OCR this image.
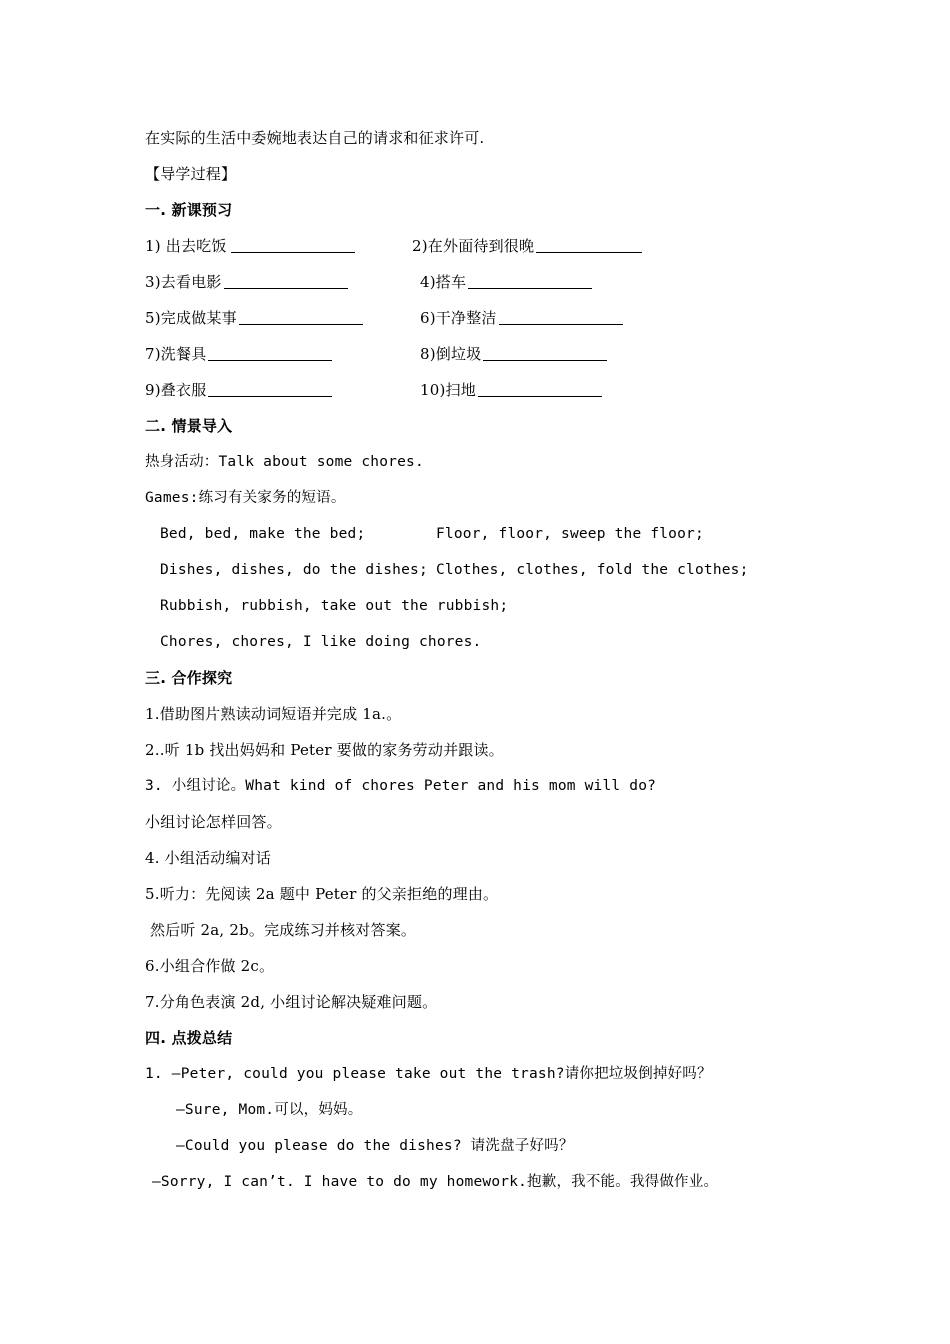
在实际的生活中委婉地表达自己的请求和征求许可.
【导学过程】
一. 新课预习
1) 出去吃饭	2)在外面待到很晚
3)去看电影	4)搭车
5)完成做某事	6)干净整洁
7)洗餐具	8)倒垃圾
9)叠衣服	10)扫地
二. 情景导入
热身活动：Talk about some chores.
Games:练习有关家务的短语。
Bed, bed, make the bed;	Floor, floor, sweep the floor;
Dishes, dishes, do the dishes; Clothes, clothes, fold the clothes;
Rubbish, rubbish, take out the rubbish;
Chores, chores, I like doing chores.
三. 合作探究
1.借助图片熟读动词短语并完成 1a.。
2..听 1b 找出妈妈和 Peter 要做的家务劳动并跟读。
3. 小组讨论。What kind of chores Peter and his mom will do?
小组讨论怎样回答。
4. 小组活动编对话
5.听力：先阅读 2a 题中 Peter 的父亲拒绝的理由。
然后听 2a, 2b。完成练习并核对答案。
6.小组合作做 2c。
7.分角色表演 2d, 小组讨论解决疑难问题。
四. 点拨总结
1. —Peter, could you please take out the trash?请你把垃圾倒掉好吗？
—Sure, Mom.可以，妈妈。
—Could you please do the dishes? 请洗盘子好吗？
—Sorry, I can’t. I have to do my homework.抱歉，我不能。我得做作业。
